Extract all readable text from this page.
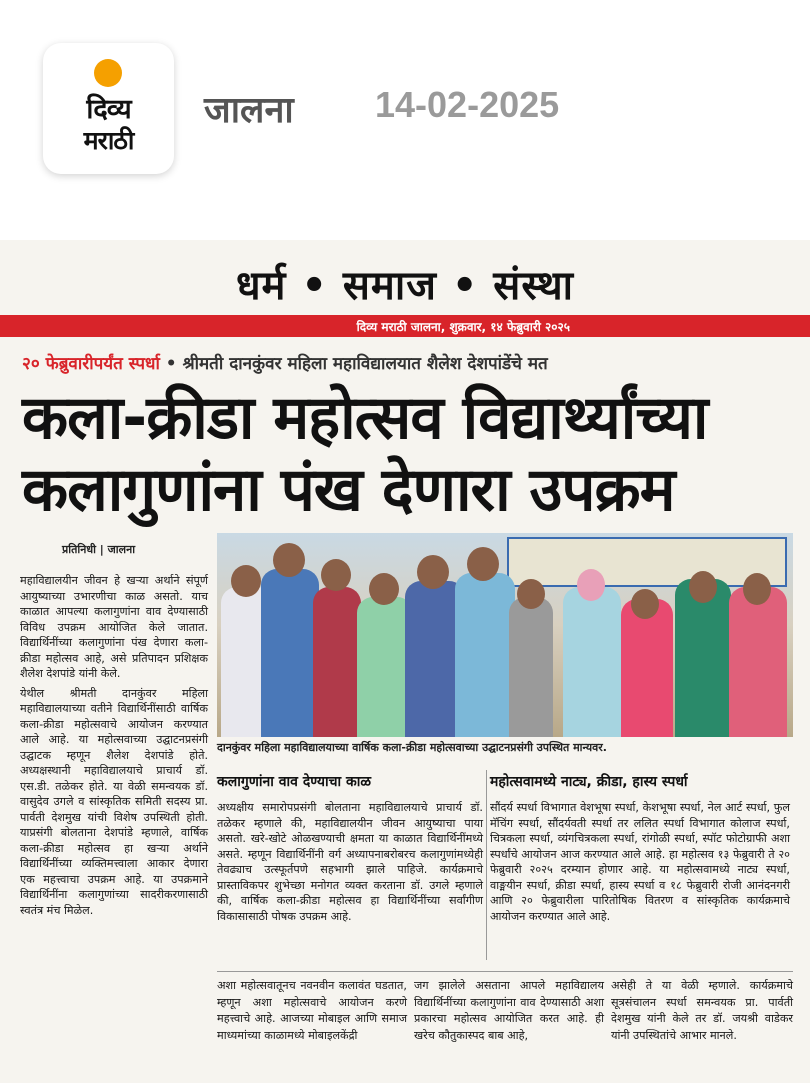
दिव्य
मराठी
जालना 14-02-2025
धर्म • समाज • संस्था
दिव्य मराठी जालना, शुक्रवार, १४ फेब्रुवारी २०२५
२० फेब्रुवारीपर्यंत स्पर्धा • श्रीमती दानकुंवर महिला महाविद्यालयात शैलेश देशपांडेंचे मत
कला-क्रीडा महोत्सव विद्यार्थ्यांच्या
कलागुणांना पंख देणारा उपक्रम
प्रतिनिधी | जालना
दानकुंवर महिला महाविद्यालयाच्या वार्षिक कला-क्रीडा महोत्सवाच्या उद्घाटनप्रसंगी उपस्थित मान्यवर.

महाविद्यालयीन जीवन हे खऱ्या अर्थाने संपूर्ण आयुष्याच्या उभारणीचा काळ असतो. याच काळात आपल्या कलागुणांना वाव देण्यासाठी विविध उपक्रम आयोजित केले जातात. विद्यार्थिनींच्या कलागुणांना पंख देणारा कला-क्रीडा महोत्सव आहे, असे प्रतिपादन प्रशिक्षक शैलेश देशपांडे यांनी केले.

येथील श्रीमती दानकुंवर महिला महाविद्यालयाच्या वतीने विद्यार्थिनींसाठी वार्षिक कला-क्रीडा महोत्सवाचे आयोजन करण्यात आले आहे. या महोत्सवाच्या उद्घाटनप्रसंगी उद्घाटक म्हणून शैलेश देशपांडे होते. अध्यक्षस्थानी महाविद्यालयाचे प्राचार्य डॉ. एस.डी. तळेकर होते. या वेळी समन्वयक डॉ. वासुदेव उगले व सांस्कृतिक समिती सदस्य प्रा. पार्वती देशमुख यांची विशेष उपस्थिती होती. याप्रसंगी बोलताना देशपांडे म्हणाले, वार्षिक कला-क्रीडा महोत्सव हा खऱ्या अर्थाने विद्यार्थिनींच्या व्यक्तिमत्त्वाला आकार देणारा एक महत्त्वाचा उपक्रम आहे. या उपक्रमाने विद्यार्थिनींना कलागुणांच्या सादरीकरणासाठी स्वतंत्र मंच मिळेल.

कलागुणांना वाव देण्याचा काळ
अध्यक्षीय समारोपप्रसंगी बोलताना महाविद्यालयाचे प्राचार्य डॉ. तळेकर म्हणाले की, महाविद्यालयीन जीवन आयुष्याचा पाया असतो. खरे-खोटे ओळखण्याची क्षमता या काळात विद्यार्थिनींमध्ये असते. म्हणून विद्यार्थिनींनी वर्ग अध्यापनाबरोबरच कलागुणांमध्येही तेवढ्याच उत्स्फूर्तपणे सहभागी झाले पाहिजे. कार्यक्रमाचे प्रास्ताविकपर शुभेच्छा मनोगत व्यक्त करताना डॉ. उगले म्हणाले की, वार्षिक कला-क्रीडा महोत्सव हा विद्यार्थिनींच्या सर्वांगीण विकासासाठी पोषक उपक्रम आहे.
महोत्सवामध्ये नाट्य, क्रीडा, हास्य स्पर्धा
सौंदर्य स्पर्धा विभागात वेशभूषा स्पर्धा, केशभूषा स्पर्धा, नेल आर्ट स्पर्धा, फुल मॅचिंग स्पर्धा, सौंदर्यवती स्पर्धा तर ललित स्पर्धा विभागात कोलाज स्पर्धा, चित्रकला स्पर्धा, व्यंगचित्रकला स्पर्धा, रांगोळी स्पर्धा, स्पॉट फोटोग्राफी अशा स्पर्धांचे आयोजन आज करण्यात आले आहे. हा महोत्सव १३ फेब्रुवारी ते २० फेब्रुवारी २०२५ दरम्यान होणार आहे. या महोत्सवामध्ये नाट्य स्पर्धा, वाङ्मयीन स्पर्धा, क्रीडा स्पर्धा, हास्य स्पर्धा व १८ फेब्रुवारी रोजी आनंदनगरी आणि २० फेब्रुवारीला पारितोषिक वितरण व सांस्कृतिक कार्यक्रमाचे आयोजन करण्यात आले आहे.
अशा महोत्सवातूनच नवनवीन कलावंत घडतात, म्हणून अशा महोत्सवाचे आयोजन करणे महत्त्वाचे आहे. आजच्या मोबाइल आणि समाज माध्यमांच्या काळामध्ये मोबाइलकेंद्री
जग झालेले असताना आपले महाविद्यालय विद्यार्थिनींच्या कलागुणांना वाव देण्यासाठी अशा प्रकारचा महोत्सव आयोजित करत आहे. ही खरेच कौतुकास्पद बाब आहे,
असेही ते या वेळी म्हणाले. कार्यक्रमाचे सूत्रसंचालन स्पर्धा समन्वयक प्रा. पार्वती देशमुख यांनी केले तर डॉ. जयश्री वाडेकर यांनी उपस्थितांचे आभार मानले.
